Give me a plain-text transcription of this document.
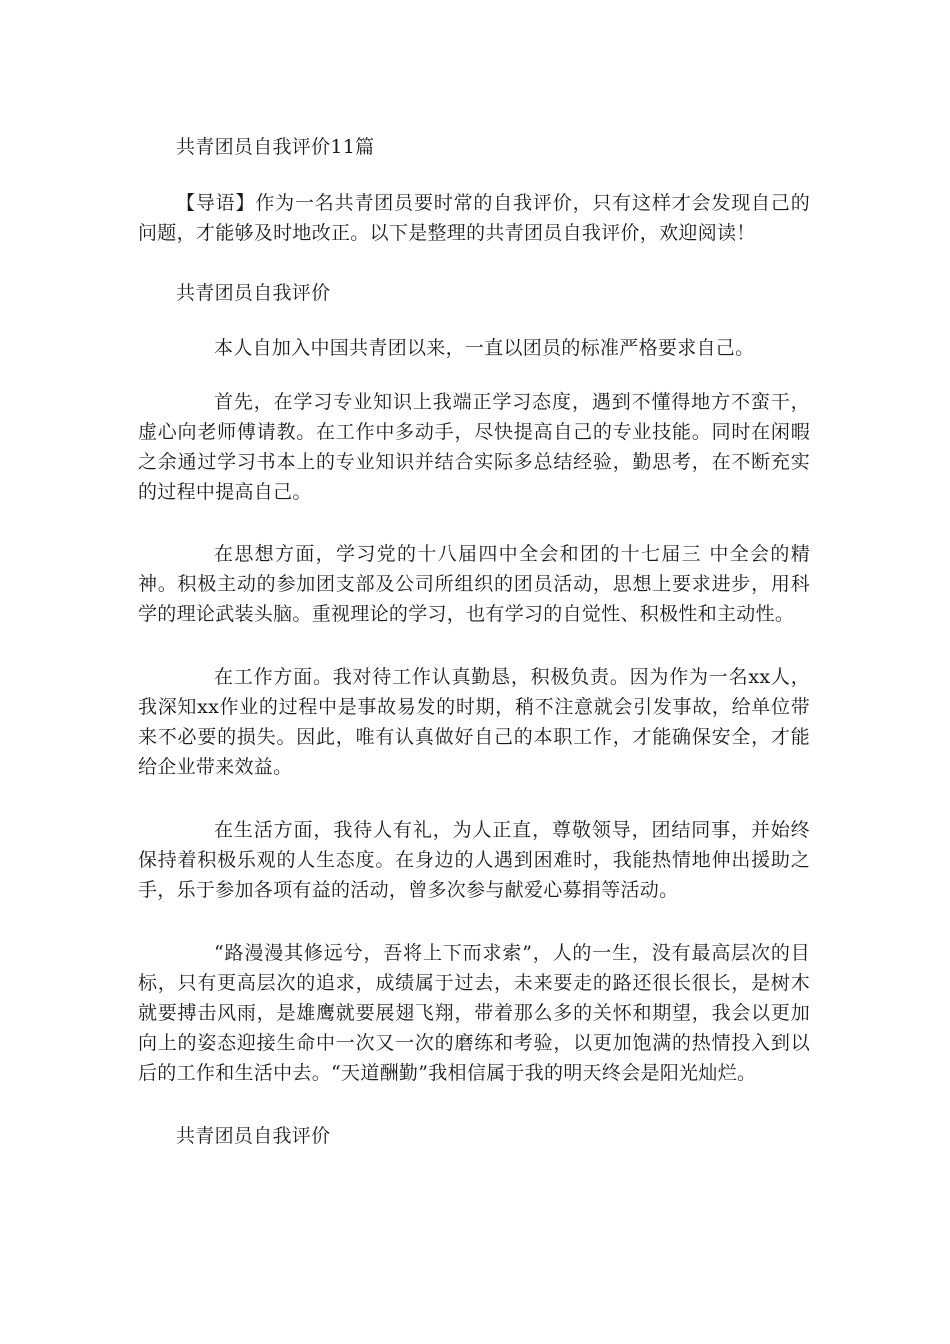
共青团员自我评价11篇
【导语】作为一名共青团员要时常的自我评价，只有这样才会发现自己的问题，才能够及时地改正。以下是整理的共青团员自我评价，欢迎阅读！
共青团员自我评价
本人自加入中国共青团以来，一直以团员的标准严格要求自己。
首先，在学习专业知识上我端正学习态度，遇到不懂得地方不蛮干，虚心向老师傅请教。在工作中多动手，尽快提高自己的专业技能。同时在闲暇之余通过学习书本上的专业知识并结合实际多总结经验，勤思考，在不断充实的过程中提高自己。
在思想方面，学习党的十八届四中全会和团的十七届三 中全会的精神。积极主动的参加团支部及公司所组织的团员活动，思想上要求进步，用科学的理论武装头脑。重视理论的学习，也有学习的自觉性、积极性和主动性。
在工作方面。我对待工作认真勤恳，积极负责。因为作为一名xx人，我深知xx作业的过程中是事故易发的时期，稍不注意就会引发事故，给单位带来不必要的损失。因此，唯有认真做好自己的本职工作，才能确保安全，才能给企业带来效益。
在生活方面，我待人有礼，为人正直，尊敬领导，团结同事，并始终保持着积极乐观的人生态度。在身边的人遇到困难时，我能热情地伸出援助之手，乐于参加各项有益的活动，曾多次参与献爱心募捐等活动。
“路漫漫其修远兮，吾将上下而求索”，人的一生，没有最高层次的目标，只有更高层次的追求，成绩属于过去，未来要走的路还很长很长，是树木就要搏击风雨，是雄鹰就要展翅飞翔，带着那么多的关怀和期望，我会以更加向上的姿态迎接生命中一次又一次的磨练和考验，以更加饱满的热情投入到以后的工作和生活中去。“天道酬勤”我相信属于我的明天终会是阳光灿烂。
共青团员自我评价
